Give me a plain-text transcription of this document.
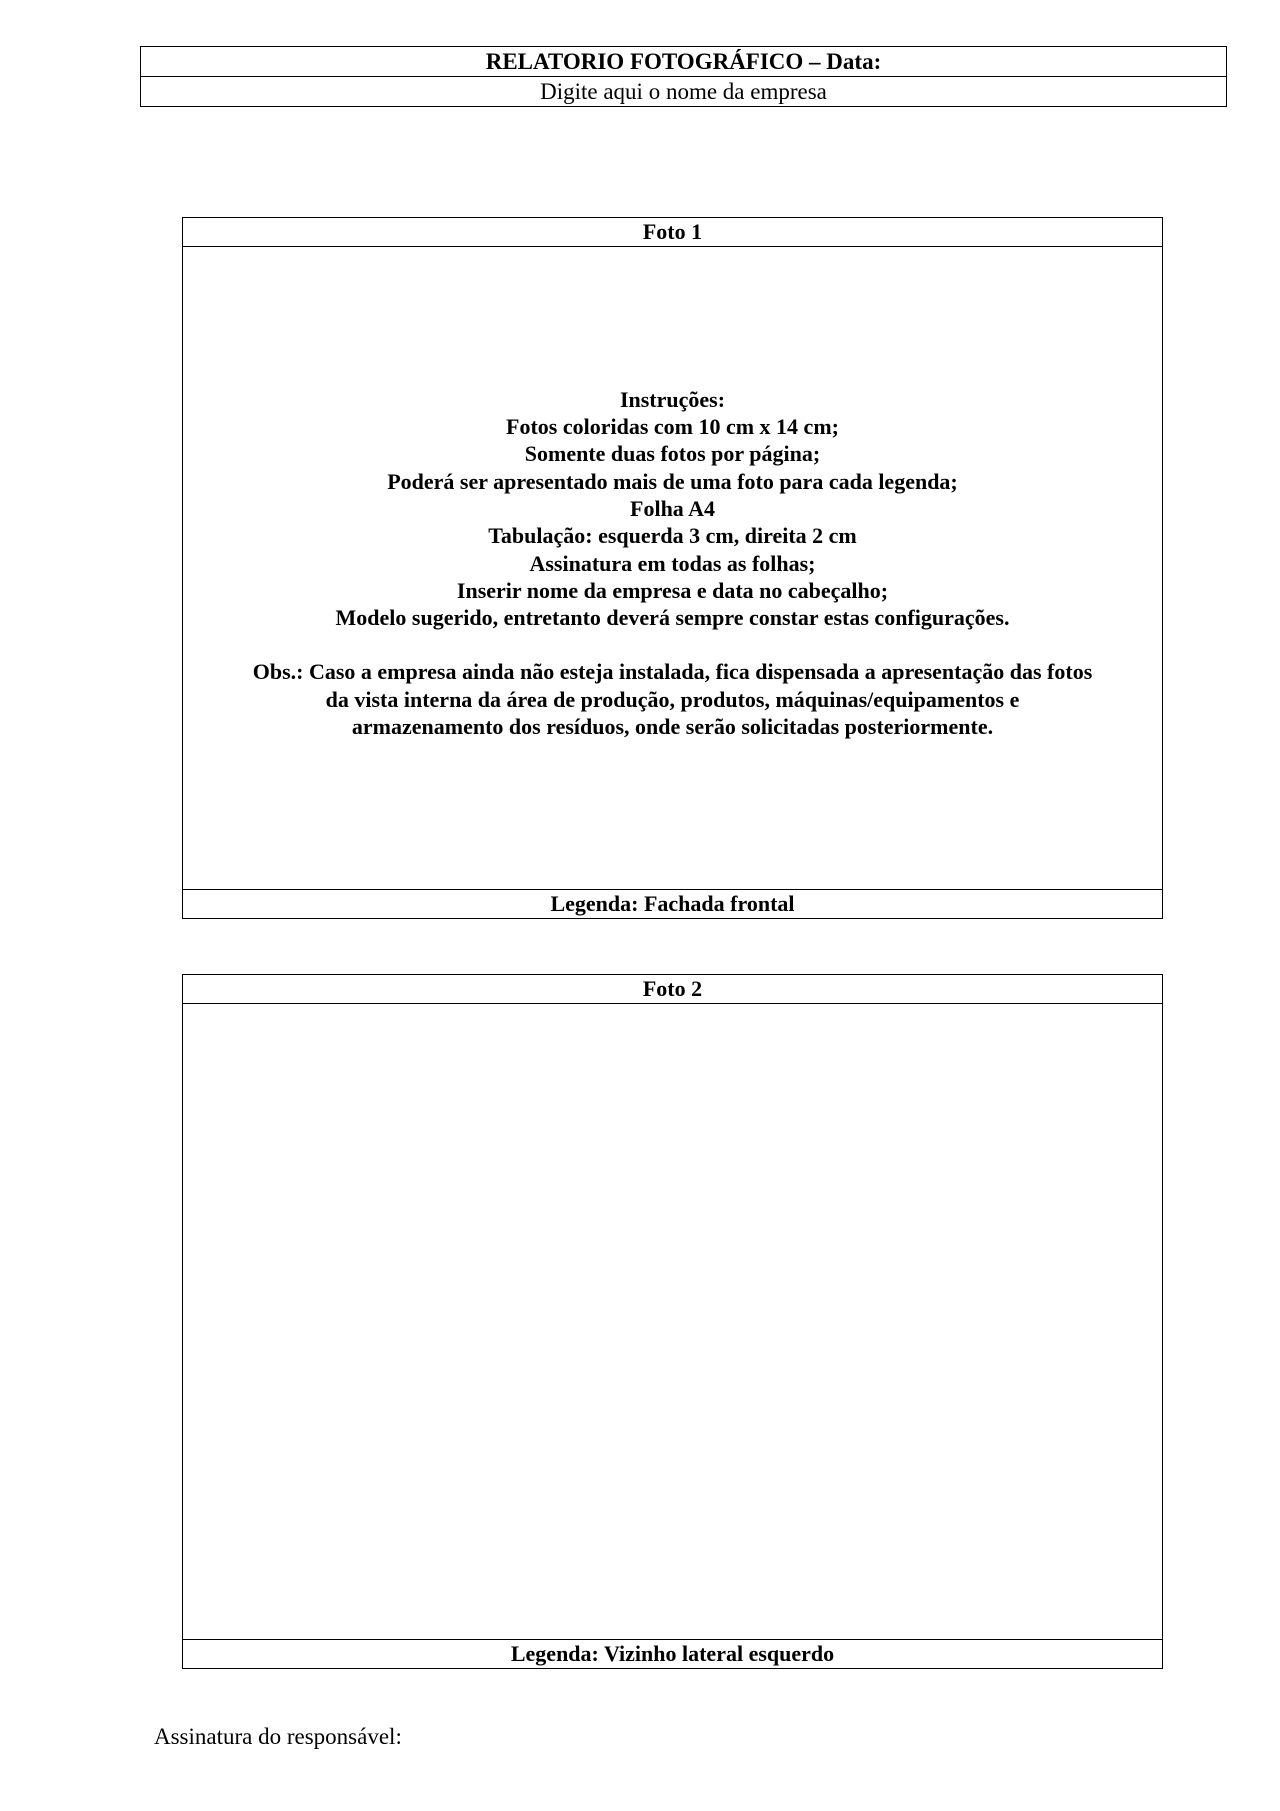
RELATORIO FOTOGRÁFICO – Data:
Digite aqui o nome da empresa
Foto 1
Instruções:
Fotos coloridas com 10 cm x 14 cm;
Somente duas fotos por página;
Poderá ser apresentado mais de uma foto para cada legenda;
Folha A4
Tabulação: esquerda 3 cm, direita 2 cm
Assinatura em todas as folhas;
Inserir nome da empresa e data no cabeçalho;
Modelo sugerido, entretanto deverá sempre constar estas configurações.
Obs.: Caso a empresa ainda não esteja instalada, fica dispensada a apresentação das fotos
da vista interna da área de produção, produtos, máquinas/equipamentos e
armazenamento dos resíduos, onde serão solicitadas posteriormente.
Legenda: Fachada frontal
Foto 2
Legenda: Vizinho lateral esquerdo
Assinatura do responsável:
